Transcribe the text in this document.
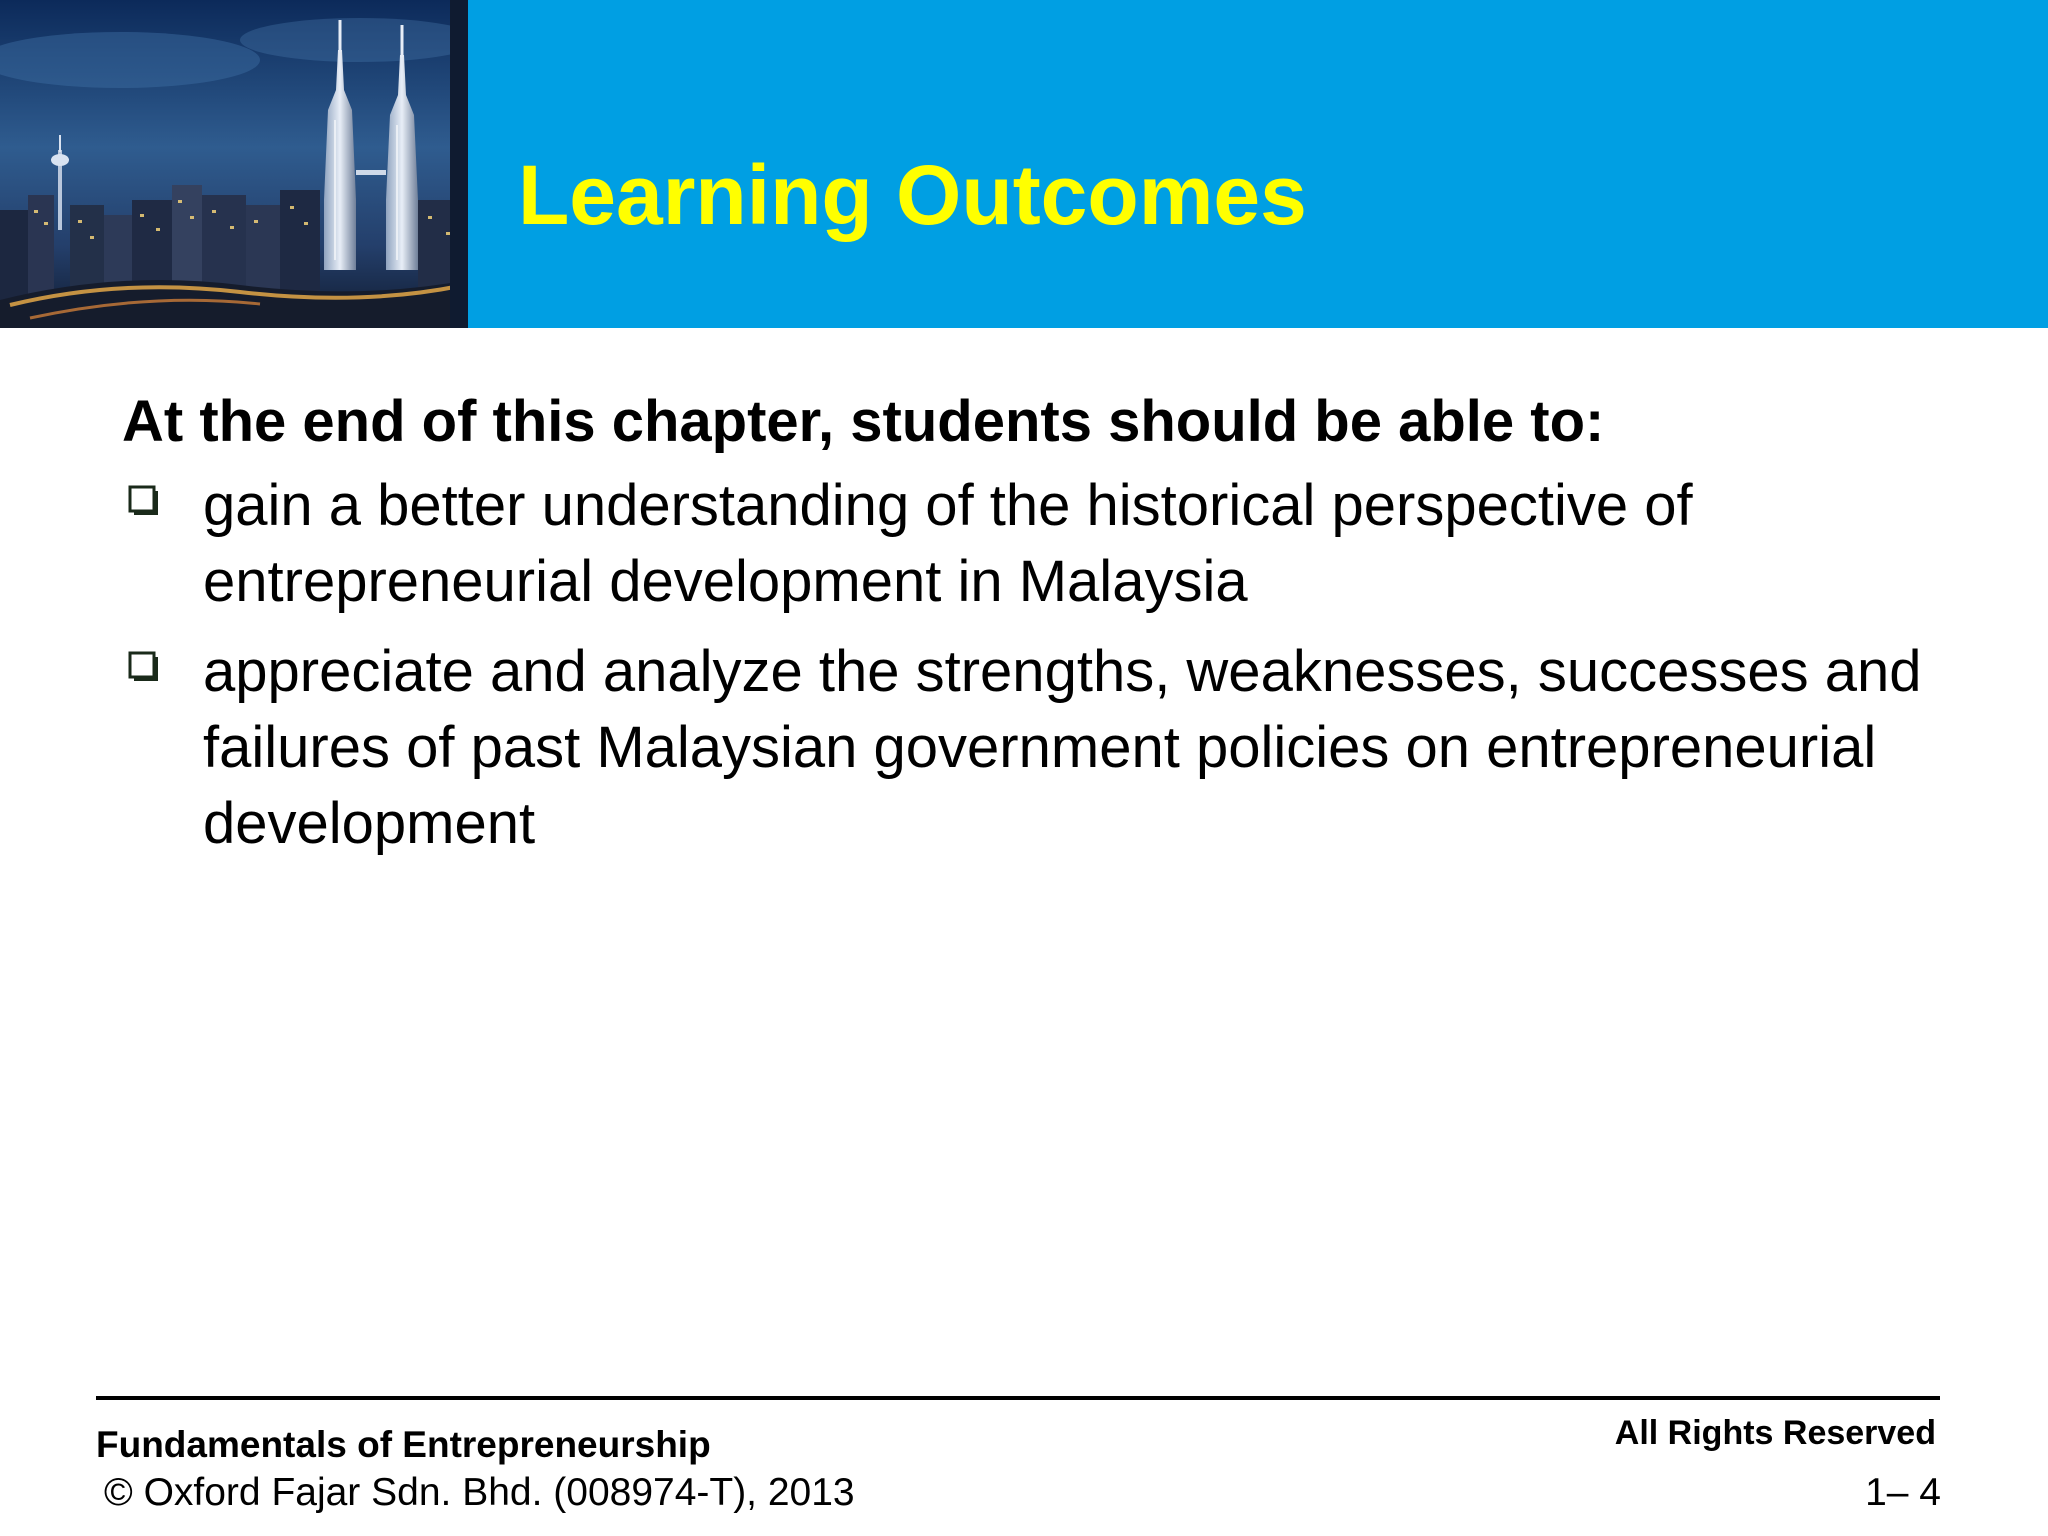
Learning Outcomes

At the end of this chapter, students should be able to:

gain a better understanding of the historical perspective of entrepreneurial development in Malaysia
appreciate and analyze the strengths, weaknesses, successes and failures of past Malaysian government policies on entrepreneurial development
Fundamentals of Entrepreneurship
© Oxford Fajar Sdn. Bhd. (008974-T), 2013
All Rights Reserved
1– 4
